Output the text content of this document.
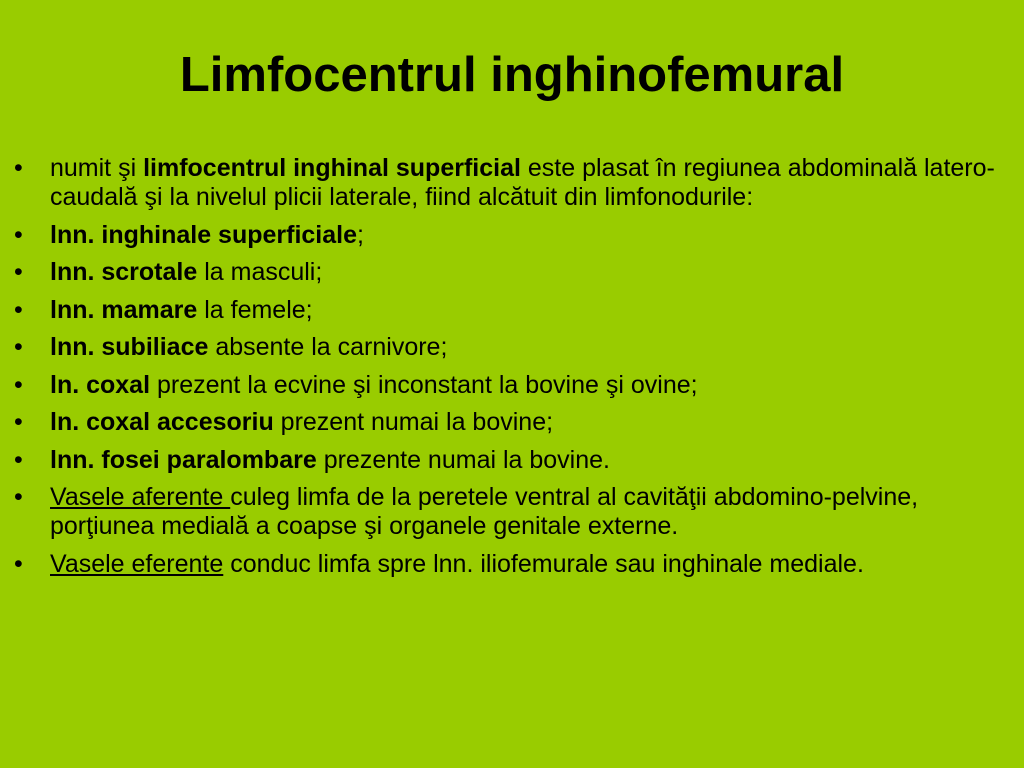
Limfocentrul inghinofemural
•	numit şi limfocentrul inghinal superficial este plasat în regiunea abdominală latero-caudală şi la nivelul plicii laterale, fiind alcătuit din limfonodurile:
•	lnn. inghinale superficiale;
•	lnn. scrotale la masculi;
•	lnn. mamare la femele;
•	lnn. subiliace absente la carnivore;
•	ln. coxal prezent la ecvine şi inconstant la bovine şi ovine;
•	ln. coxal accesoriu prezent numai la bovine;
•	lnn. fosei paralombare prezente numai la bovine.
•	Vasele aferente culeg limfa de la peretele ventral al cavităţii abdomino-pelvine, porţiunea medială a coapse şi organele genitale externe.
•	Vasele eferente conduc limfa spre lnn. iliofemurale sau inghinale mediale.
